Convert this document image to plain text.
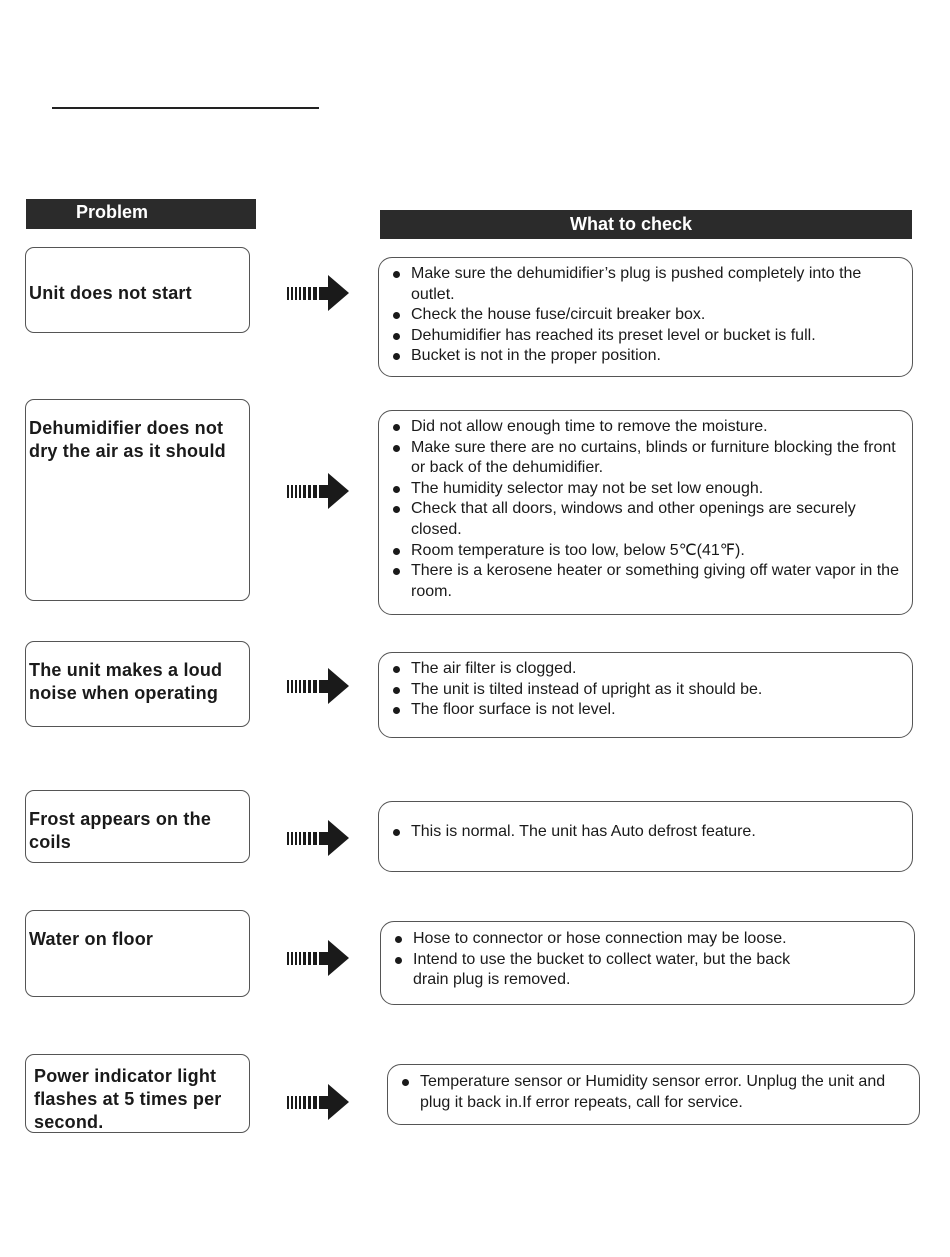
Problem
What to check
Unit does not start
Make sure the dehumidifier’s plug is pushed completely into the outlet.
Check the house fuse/circuit breaker box.
Dehumidifier has reached its preset level or bucket is full.
Bucket is not in the proper position.
Dehumidifier does not dry the air as it should
Did not allow enough time to remove the moisture.
Make sure there are no curtains, blinds or furniture blocking the front or back of the dehumidifier.
The humidity selector may not be set low enough.
Check that all doors, windows and other openings are securely closed.
Room temperature is too low, below 5℃(41℉).
There is a kerosene heater or something giving off water vapor in the room.
The unit makes a loud noise when operating
The air filter is clogged.
The unit is tilted instead of upright as it should be.
The floor surface is not level.
Frost appears on the coils
This is normal. The unit has Auto defrost feature.
Water on floor	Hose to connector or hose connection may be loose.
Intend to use the bucket to collect water, but the back drain plug is removed.
Power indicator light flashes at 5 times per second.
Temperature sensor or Humidity sensor error. Unplug the unit and plug it back in.If error repeats, call for service.
